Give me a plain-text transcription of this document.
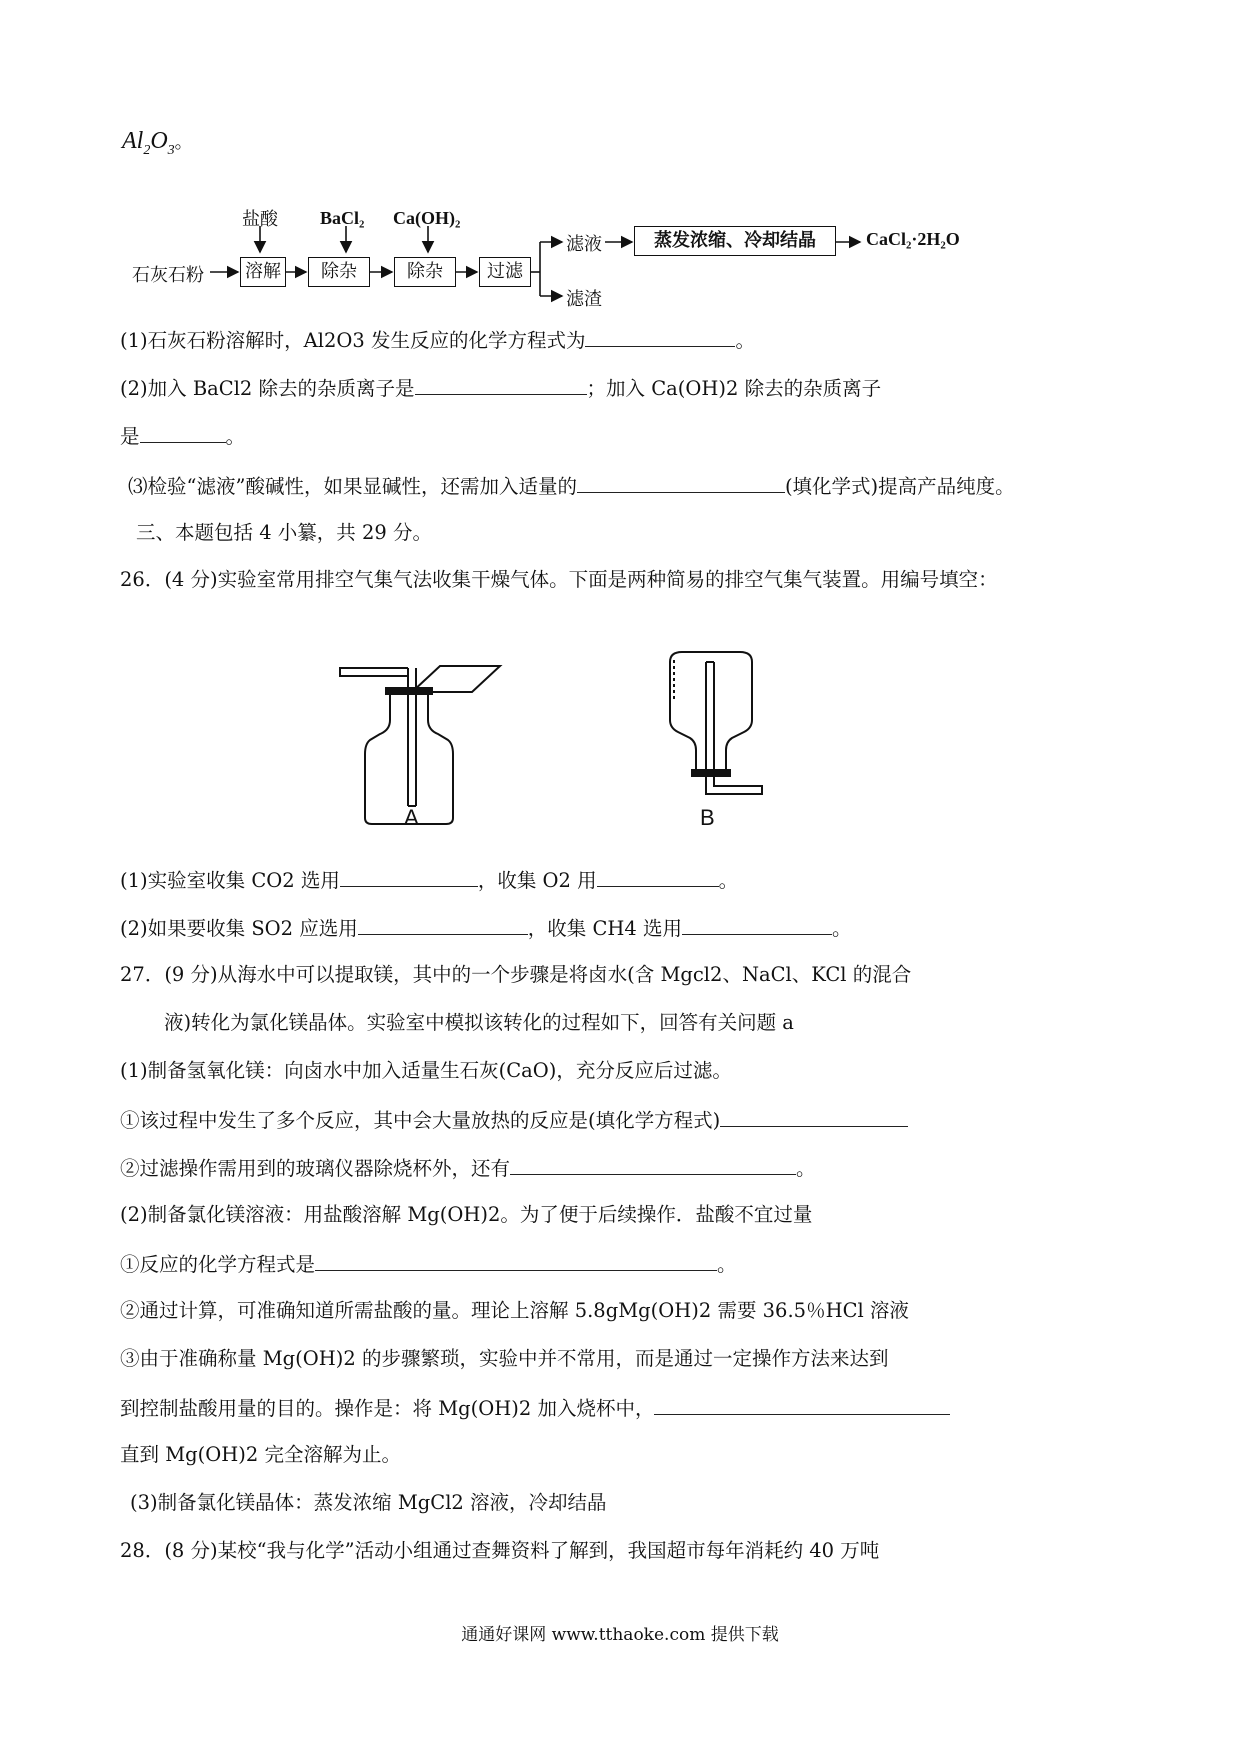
$Al_2O_3$。
石灰石粉
盐酸 BaCl₂ Ca(OH)₂
溶解	除杂	除杂	过滤
滤液
滤渣
蒸发浓缩、冷却结晶	CaCl₂·2H₂O
(1)石灰石粉溶解时，Al2O3 发生反应的化学方程式为	。
(2)加入 BaCl2 除去的杂质离子是	；加入 Ca(OH)2 除去的杂质离子
是	。
⑶检验“滤液”酸碱性，如果显碱性，还需加入适量的	(填化学式)提高产品纯度。
三、本题包括 4 小纂，共 29 分。
26．(4 分)实验室常用排空气集气法收集干燥气体。下面是两种简易的排空气集气装置。用编号填空：
A	B
(1)实验室收集 CO2 选用	，收集 O2 用	。
(2)如果要收集 SO2 应选用	，收集 CH4 选用	。
27．(9 分)从海水中可以提取镁，其中的一个步骤是将卤水(含 Mgcl2、NaCl、KCl 的混合
液)转化为氯化镁晶体。实验室中模拟该转化的过程如下，回答有关问题 a
(1)制备氢氧化镁：向卤水中加入适量生石灰(CaO)，充分反应后过滤。
①该过程中发生了多个反应，其中会大量放热的反应是(填化学方程式)
②过滤操作需用到的玻璃仪器除烧杯外，还有	。
(2)制备氯化镁溶液：用盐酸溶解 Mg(OH)2。为了便于后续操作．盐酸不宜过量
①反应的化学方程式是	。
②通过计算，可准确知道所需盐酸的量。理论上溶解 5.8gMg(OH)2 需要 36.5％HCl 溶液
③由于准确称量 Mg(OH)2 的步骤繁琐，实验中并不常用，而是通过一定操作方法来达到
到控制盐酸用量的目的。操作是：将 Mg(OH)2 加入烧杯中，
直到 Mg(OH)2 完全溶解为止。
(3)制备氯化镁晶体：蒸发浓缩 MgCl2 溶液，冷却结晶
28．(8 分)某校“我与化学”活动小组通过查舞资料了解到，我国超市每年消耗约 40 万吨
通通好课网 www.tthaoke.com 提供下载
